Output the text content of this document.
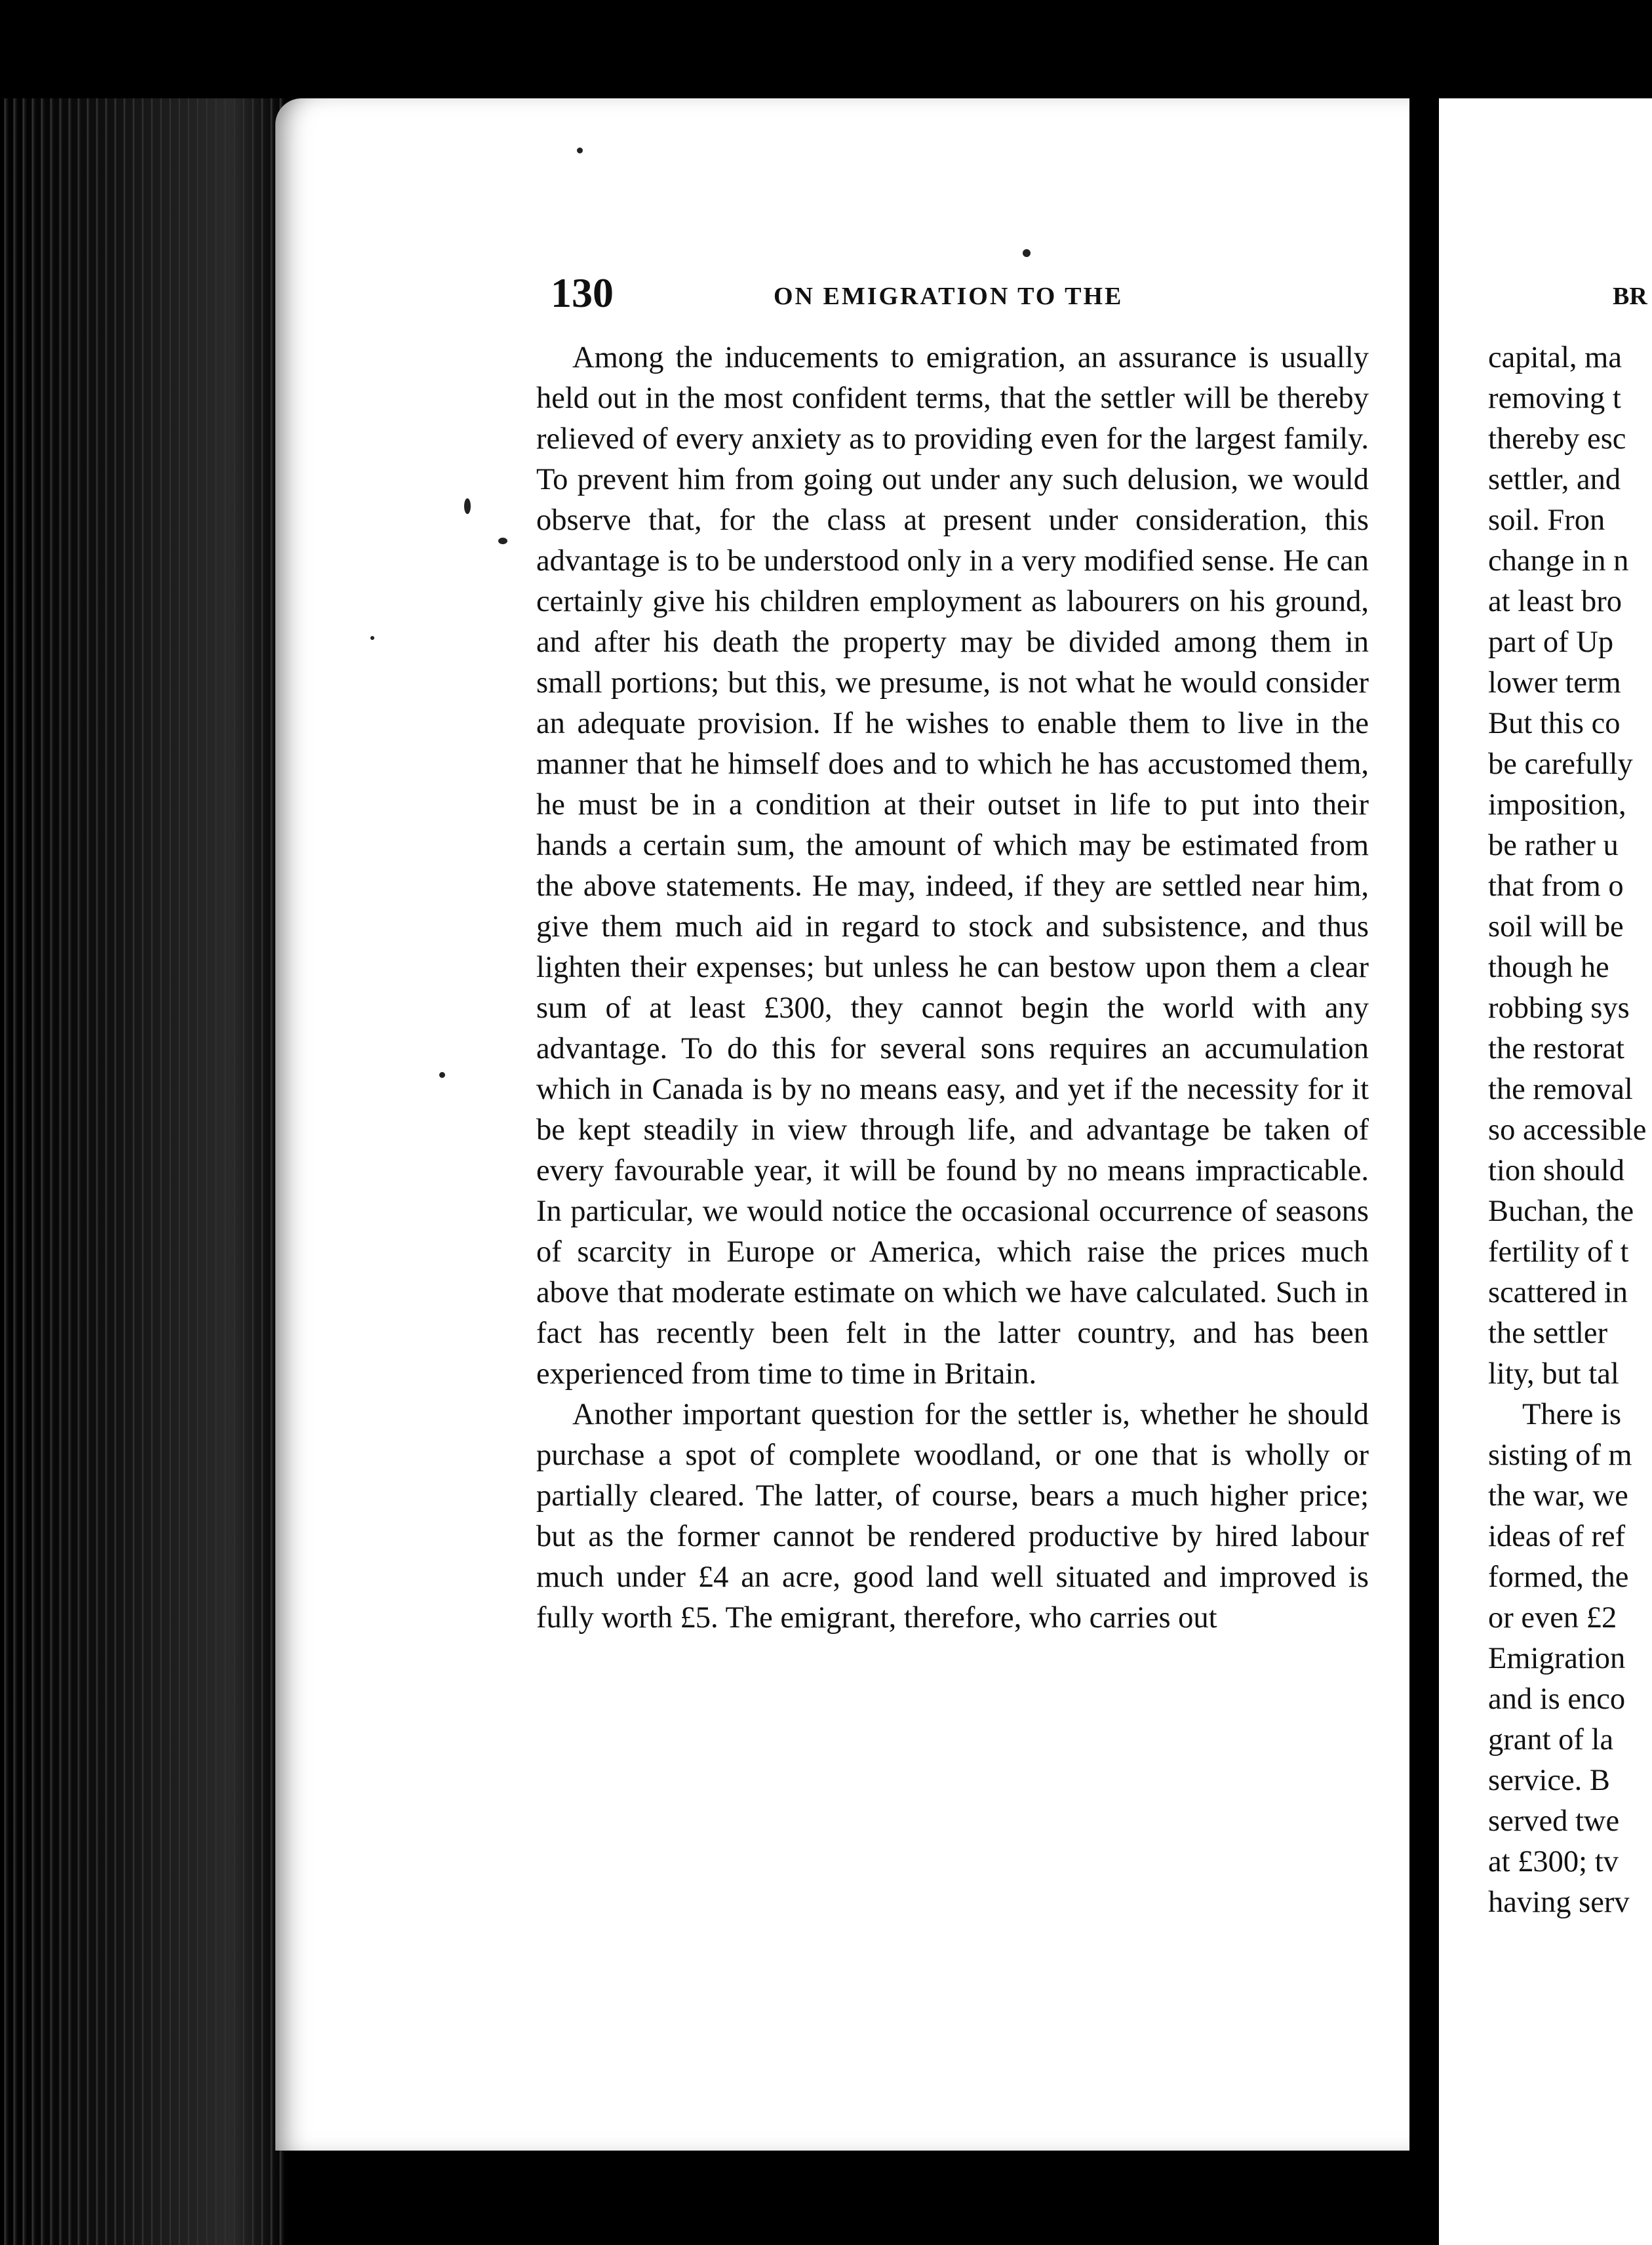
130	ON EMIGRATION TO THE

Among the inducements to emigration, an assurance is usually held out in the most confident terms, that the settler will be thereby relieved of every anxiety as to providing even for the largest family. To prevent him from going out under any such delusion, we would observe that, for the class at present under consideration, this advantage is to be understood only in a very modified sense. He can certainly give his children employment as labourers on his ground, and after his death the property may be divided among them in small portions; but this, we presume, is not what he would consider an adequate provision. If he wishes to enable them to live in the manner that he himself does and to which he has accustomed them, he must be in a condition at their outset in life to put into their hands a certain sum, the amount of which may be estimated from the above statements. He may, indeed, if they are settled near him, give them much aid in regard to stock and subsistence, and thus lighten their expenses; but unless he can bestow upon them a clear sum of at least £300, they cannot begin the world with any advantage. To do this for several sons requires an accumulation which in Canada is by no means easy, and yet if the necessity for it be kept steadily in view through life, and advantage be taken of every favourable year, it will be found by no means impracticable. In particular, we would notice the occasional occurrence of seasons of scarcity in Europe or America, which raise the prices much above that moderate estimate on which we have calculated. Such in fact has recently been felt in the latter country, and has been experienced from time to time in Britain.

Another important question for the settler is, whether he should purchase a spot of complete woodland, or one that is wholly or partially cleared. The latter, of course, bears a much higher price; but as the former cannot be rendered productive by hired labour much under £4 an acre, good land well situated and improved is fully worth £5. The emigrant, therefore, who carries out

BR
capital, ma
removing t
thereby esc
settler, and
soil. Fron
change in n
at least bro
part of Up
lower term
But this co
be carefully
imposition,
be rather u
that from o
soil will be
though he
robbing sys
the restorat
the removal
so accessible
tion should
Buchan, the
fertility of t
scattered in
the settler
lity, but tal
There is
sisting of m
the war, we
ideas of ref
formed, the
or even £2
Emigration
and is enco
grant of la
service. B
served twe
at £300; tv
having serv
